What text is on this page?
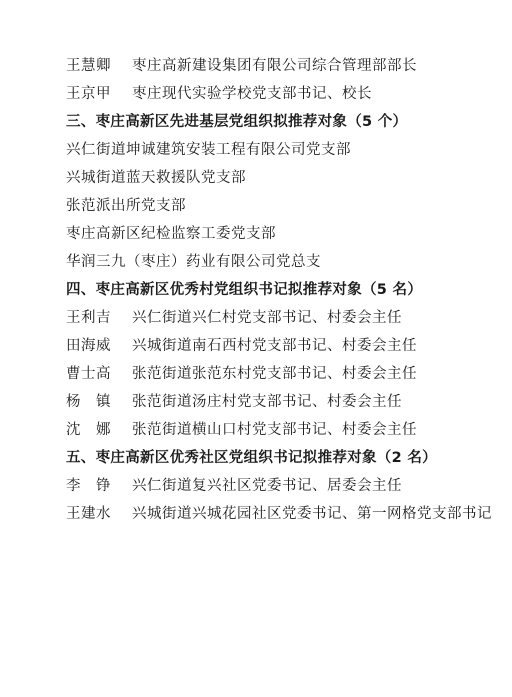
王慧卿 枣庄高新建设集团有限公司综合管理部部长
王京甲 枣庄现代实验学校党支部书记、校长
三、枣庄高新区先进基层党组织拟推荐对象（5 个）
兴仁街道坤诚建筑安装工程有限公司党支部
兴城街道蓝天救援队党支部
张范派出所党支部
枣庄高新区纪检监察工委党支部
华润三九（枣庄）药业有限公司党总支
四、枣庄高新区优秀村党组织书记拟推荐对象（5 名）
王利吉 兴仁街道兴仁村党支部书记、村委会主任
田海威 兴城街道南石西村党支部书记、村委会主任
曹士高 张范街道张范东村党支部书记、村委会主任
杨　镇 张范街道汤庄村党支部书记、村委会主任
沈　娜 张范街道横山口村党支部书记、村委会主任
五、枣庄高新区优秀社区党组织书记拟推荐对象（2 名）
李　铮 兴仁街道复兴社区党委书记、居委会主任
王建水 兴城街道兴城花园社区党委书记、第一网格党支部书记
